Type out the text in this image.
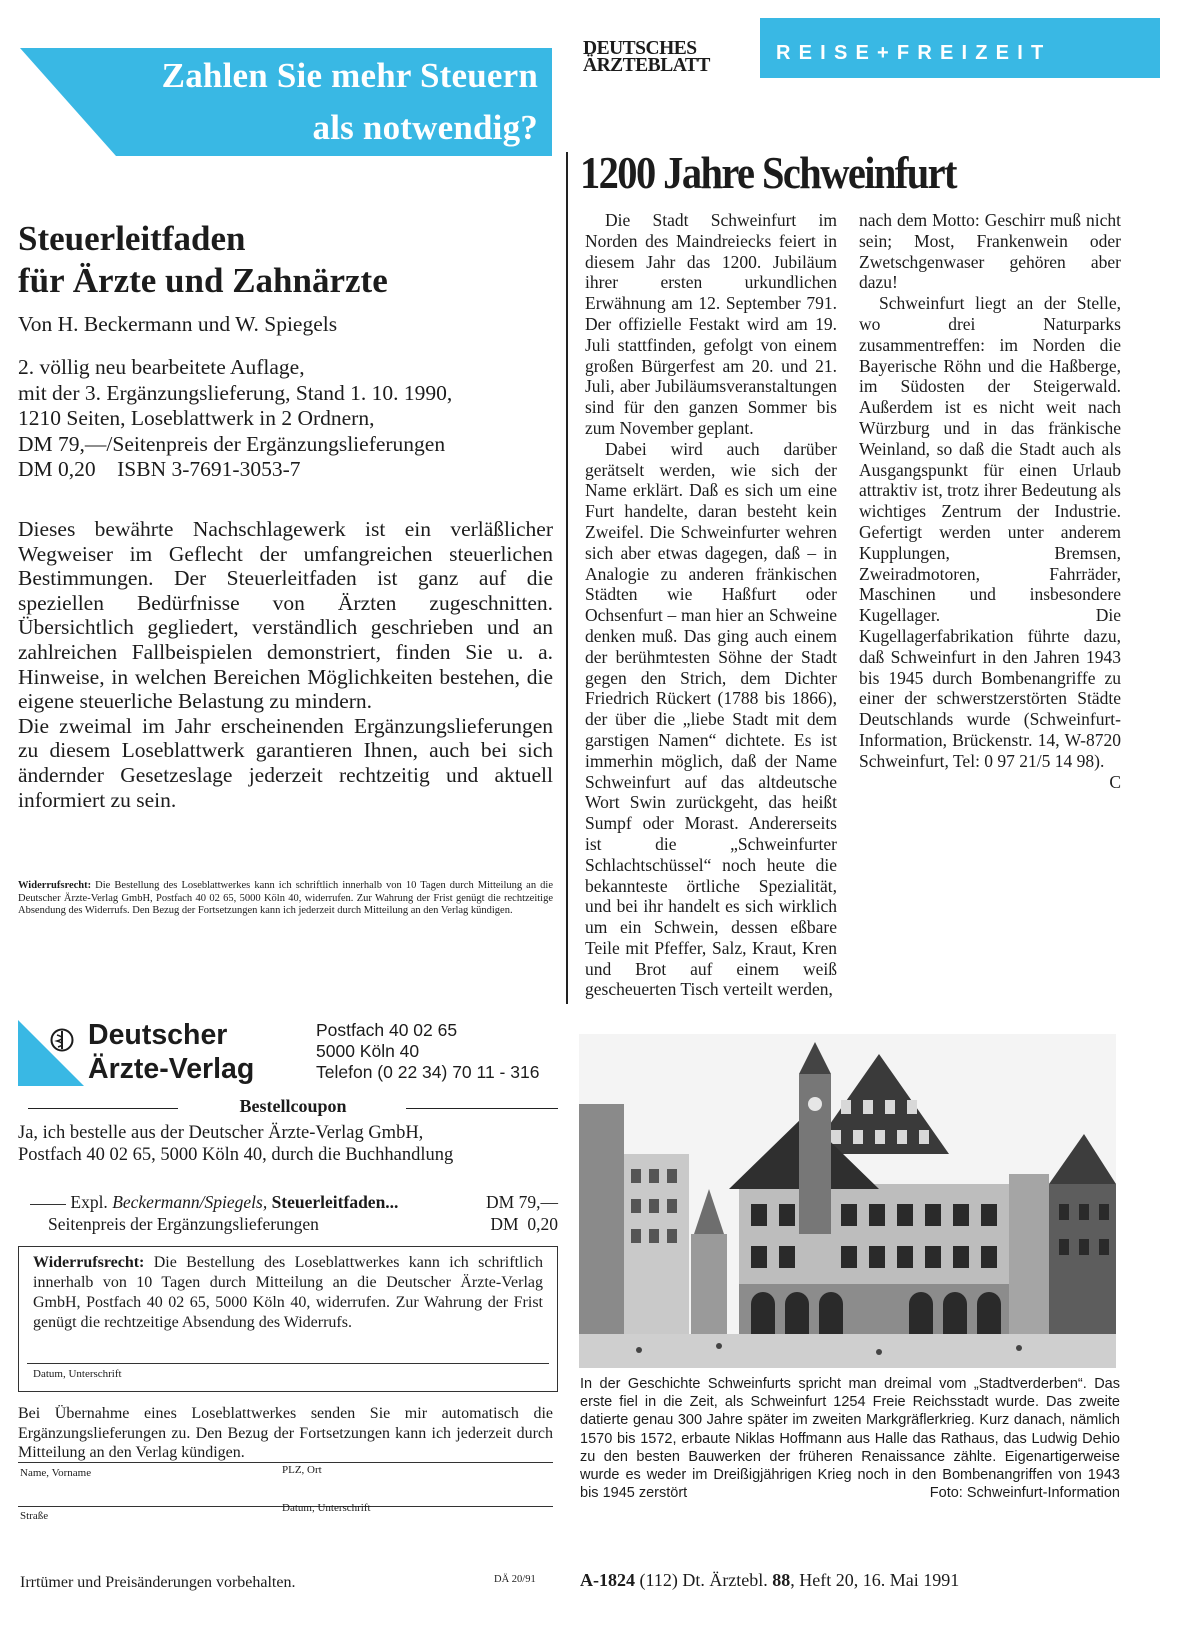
Zahlen Sie mehr Steuern
als notwendig?
Steuerleitfaden
für Ärzte und Zahnärzte
Von H. Beckermann und W. Spiegels
2. völlig neu bearbeitete Auflage,
mit der 3. Ergänzungslieferung, Stand 1. 10. 1990,
1210 Seiten, Loseblattwerk in 2 Ordnern,
DM 79,—/Seitenpreis der Ergänzungslieferungen
DM 0,20    ISBN 3-7691-3053-7

Dieses bewährte Nachschlagewerk ist ein verläßlicher Wegweiser im Geflecht der umfangreichen steuerlichen Bestimmungen. Der Steuerleitfaden ist ganz auf die speziellen Bedürfnisse von Ärzten zugeschnitten. Übersichtlich gegliedert, verständlich geschrieben und an zahlreichen Fallbeispielen demonstriert, finden Sie u. a. Hinweise, in welchen Bereichen Möglichkeiten bestehen, die eigene steuerliche Belastung zu mindern.

Die zweimal im Jahr erscheinenden Ergänzungslieferungen zu diesem Loseblattwerk garantieren Ihnen, auch bei sich ändernder Gesetzeslage jederzeit rechtzeitig und aktuell informiert zu sein.

Widerrufsrecht: Die Bestellung des Loseblattwerkes kann ich schriftlich innerhalb von 10 Tagen durch Mitteilung an die Deutscher Ärzte-Verlag GmbH, Postfach 40 02 65, 5000 Köln 40, widerrufen. Zur Wahrung der Frist genügt die rechtzeitige Absendung des Widerrufs. Den Bezug der Fortsetzungen kann ich jederzeit durch Mitteilung an den Verlag kündigen.
Deutscher
Ärzte-Verlag
Postfach 40 02 65
5000 Köln 40
Telefon (0 22 34) 70 11 - 316
Bestellcoupon
Ja, ich bestelle aus der Deutscher Ärzte-Verlag GmbH,
Postfach 40 02 65, 5000 Köln 40, durch die Buchhandlung
Expl. Beckermann/Spiegels, Steuerleitfaden...	DM 79,—
Seitenpreis der Ergänzungslieferungen	DM  0,20
Widerrufsrecht: Die Bestellung des Loseblattwerkes kann ich schriftlich innerhalb von 10 Tagen durch Mitteilung an die Deutscher Ärzte-Verlag GmbH, Postfach 40 02 65, 5000 Köln 40, widerrufen. Zur Wahrung der Frist genügt die rechtzeitige Absendung des Widerrufs.
Datum, Unterschrift
Bei Übernahme eines Loseblattwerkes senden Sie mir automatisch die Ergänzungslieferungen zu. Den Bezug der Fortsetzungen kann ich jederzeit durch Mitteilung an den Verlag kündigen.
Name, Vorname	PLZ, Ort
Straße
Datum, Unterschrift
Irrtümer und Preisänderungen vorbehalten.	DÄ 20/91
DEUTSCHES
ÄRZTEBLATT
REISE+FREIZEIT
1200 Jahre Schweinfurt

Die Stadt Schweinfurt im Norden des Maindreiecks feiert in diesem Jahr das 1200. Jubiläum ihrer ersten urkundlichen Erwähnung am 12. September 791. Der offizielle Festakt wird am 19. Juli stattfinden, gefolgt von einem großen Bürgerfest am 20. und 21. Juli, aber Jubiläumsveranstaltungen sind für den ganzen Sommer bis zum November geplant.

Dabei wird auch darüber gerätselt werden, wie sich der Name erklärt. Daß es sich um eine Furt handelte, daran besteht kein Zweifel. Die Schweinfurter wehren sich aber etwas dagegen, daß – in Analogie zu anderen fränkischen Städten wie Haßfurt oder Ochsenfurt – man hier an Schweine denken muß. Das ging auch einem der berühmtesten Söhne der Stadt gegen den Strich, dem Dichter Friedrich Rückert (1788 bis 1866), der über die „liebe Stadt mit dem garstigen Namen“ dichtete. Es ist immerhin möglich, daß der Name Schweinfurt auf das altdeutsche Wort Swin zurückgeht, das heißt Sumpf oder Morast. Andererseits ist die „Schweinfurter Schlachtschüssel“ noch heute die bekannteste örtliche Spezialität, und bei ihr handelt es sich wirklich um ein Schwein, dessen eßbare Teile mit Pfeffer, Salz, Kraut, Kren und Brot auf einem weiß gescheuerten Tisch verteilt werden,

nach dem Motto: Geschirr muß nicht sein; Most, Frankenwein oder Zwetschgenwaser gehören aber dazu!

Schweinfurt liegt an der Stelle, wo drei Naturparks zusammentreffen: im Norden die Bayerische Röhn und die Haßberge, im Südosten der Steigerwald. Außerdem ist es nicht weit nach Würzburg und in das fränkische Weinland, so daß die Stadt auch als Ausgangspunkt für einen Urlaub attraktiv ist, trotz ihrer Bedeutung als wichtiges Zentrum der Industrie. Gefertigt werden unter anderem Kupplungen, Bremsen, Zweiradmotoren, Fahrräder, Maschinen und insbesondere Kugellager. Die Kugellagerfabrikation führte dazu, daß Schweinfurt in den Jahren 1943 bis 1945 durch Bombenangriffe zu einer der schwerstzerstörten Städte Deutschlands wurde (Schweinfurt-Information, Brückenstr. 14, W-8720 Schweinfurt, Tel: 0 97 21/5 14 98).
C

In der Geschichte Schweinfurts spricht man dreimal vom „Stadtverderben“. Das erste fiel in die Zeit, als Schweinfurt 1254 Freie Reichsstadt wurde. Das zweite datierte genau 300 Jahre später im zweiten Markgräflerkrieg. Kurz danach, nämlich 1570 bis 1572, erbaute Niklas Hoffmann aus Halle das Rathaus, das Ludwig Dehio zu den besten Bauwerken der früheren Renaissance zählte. Eigenartigerweise wurde es weder im Dreißigjährigen Krieg noch in den Bombenangriffen von 1943 bis 1945 zerstört	Foto: Schweinfurt-Information

A-1824 (112) Dt. Ärztebl. 88, Heft 20, 16. Mai 1991
